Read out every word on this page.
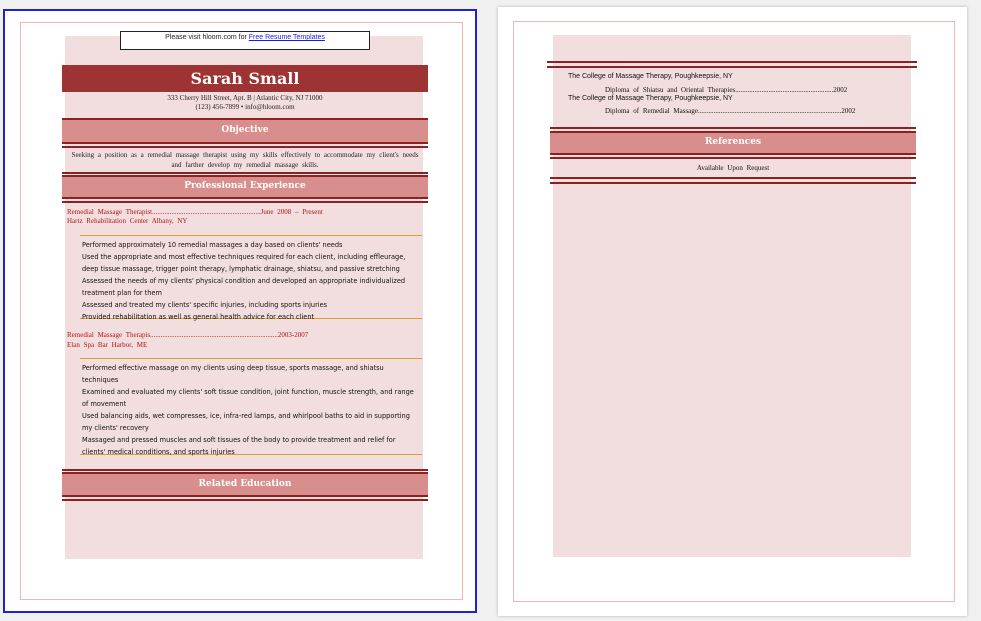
Please visit hloom.com for Free Resume Templates
Sarah Small
333 Cherry Hill Street, Apt. B | Atlantic City, NJ 71000
(123) 456-7899 • info@hloom.com
Objective
Seeking a position as a remedial massage therapist using my skills effectively to accommodate my client's needs and farther develop my remedial massage skills.
Professional Experience
Remedial Massage Therapist..............................................................June 2008 – Present
Hartz Rehabilitation Center Albany, NY
Performed approximately 10 remedial massages a day based on clients' needs
Used the appropriate and most effective techniques required for each client, including effleurage,
deep tissue massage, trigger point therapy, lymphatic drainage, shiatsu, and passive stretching
Assessed the needs of my clients' physical condition and developed an appropriate individualized
treatment plan for them
Assessed and treated my clients' specific injuries, including sports injuries
Provided rehabilitation as well as general health advice for each client
Remedial Massage Therapis.........................................................................2003-2007
Elan Spa Bar Harbor, ME
Performed effective massage on my clients using deep tissue, sports massage, and shiatsu
techniques
Examined and evaluated my clients' soft tissue condition, joint function, muscle strength, and range
of movement
Used balancing aids, wet compresses, ice, infra-red lamps, and whirlpool baths to aid in supporting
my clients' recovery
Massaged and pressed muscles and soft tissues of the body to provide treatment and relief for
clients' medical conditions, and sports injuries
Related Education
The College of Massage Therapy, Poughkeepsie, NY
Diploma of Shiatsu and Oriental Therapies........................................................2002
The College of Massage Therapy, Poughkeepsie, NY
Diploma of Remedial Massage..................................................................................2002
References
Available Upon Request
